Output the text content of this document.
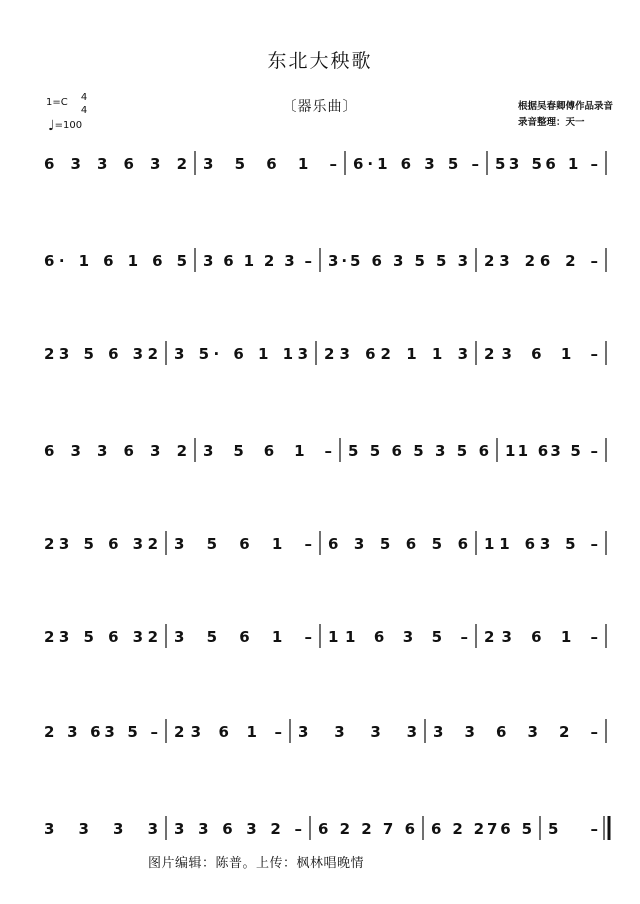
东北大秧歌
〔器乐曲〕
1=C 4
4
♩=100
根据吴春卿傅作品录音
录音整理：天一
6 3 3 6 3 2 3 5 6 1 – 6·1 6 3 5 – 53 56 1 –
6· 1 6 1 6 5 3 6 1 2 3 – 3·5 6 3 5 5 3 23 26 2 –
23 5 6 32 3 5· 6 1 13 23 62 1 1 3 23 6 1 –
6 3 3 6 3 2 3 5 6 1 – 5 5 6 5 3 5 6 11 63 5 –
23 5 6 32 3 5 6 1 – 6 3 5 6 5 6 11 63 5 –
23 5 6 32 3 5 6 1 – 11 6 3 5 – 23 6 1 –
2 3 63 5 – 23 6 1 – 3 3 3 3 3 3 6 3 2 –
3 3 3 3 3 3 6 3 2 – 6 2 2 7 6 6 2 276 5 5 –
图片编辑：陈普。上传：枫林唱晚情
